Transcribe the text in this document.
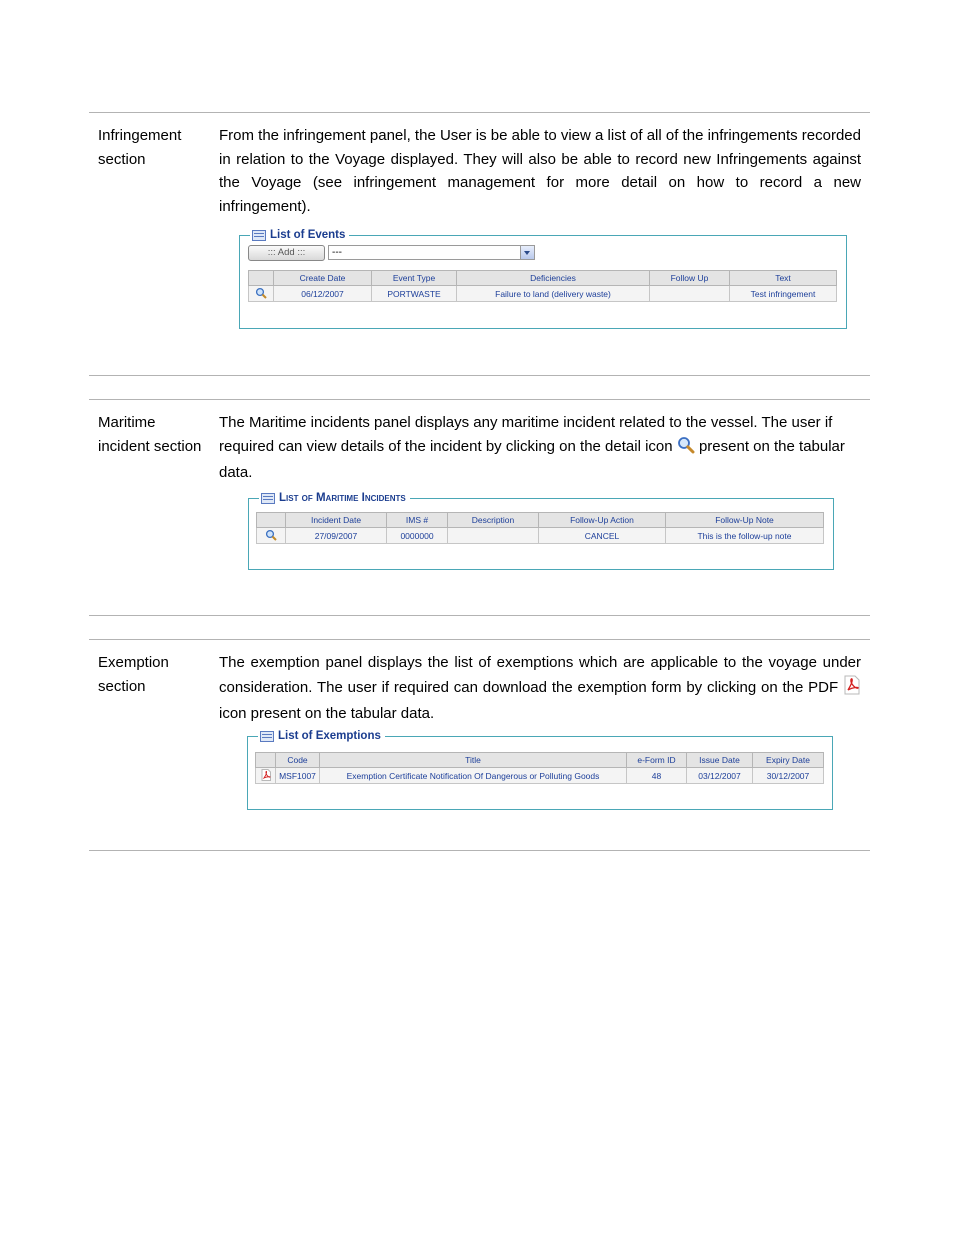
Infringement section
From the infringement panel, the User is be able to view a list of all of the infringements recorded in relation to the Voyage displayed. They will also be able to record new Infringements against the Voyage (see infringement management for more detail on how to record a new infringement).
List of Events
::: Add :::	---
	Create Date	Event Type	Deficiencies	Follow Up	Text
	06/12/2007	PORTWASTE	Failure to land (delivery waste)		Test infringement
Maritime incident section
The Maritime incidents panel displays any maritime incident related to the vessel. The user if required can view details of the incident by clicking on the detail icon present on the tabular data.
List of Maritime Incidents
	Incident Date	IMS #	Description	Follow-Up Action	Follow-Up Note
	27/09/2007	0000000		CANCEL	This is the follow-up note
Exemption section
The exemption panel displays the list of exemptions which are applicable to the voyage under consideration. The user if required can download the exemption form by clicking on the PDF  icon present on the tabular data.
List of Exemptions
	Code	Title	e-Form ID	Issue Date	Expiry Date
	MSF1007	Exemption Certificate Notification Of Dangerous or Polluting Goods	48	03/12/2007	30/12/2007
